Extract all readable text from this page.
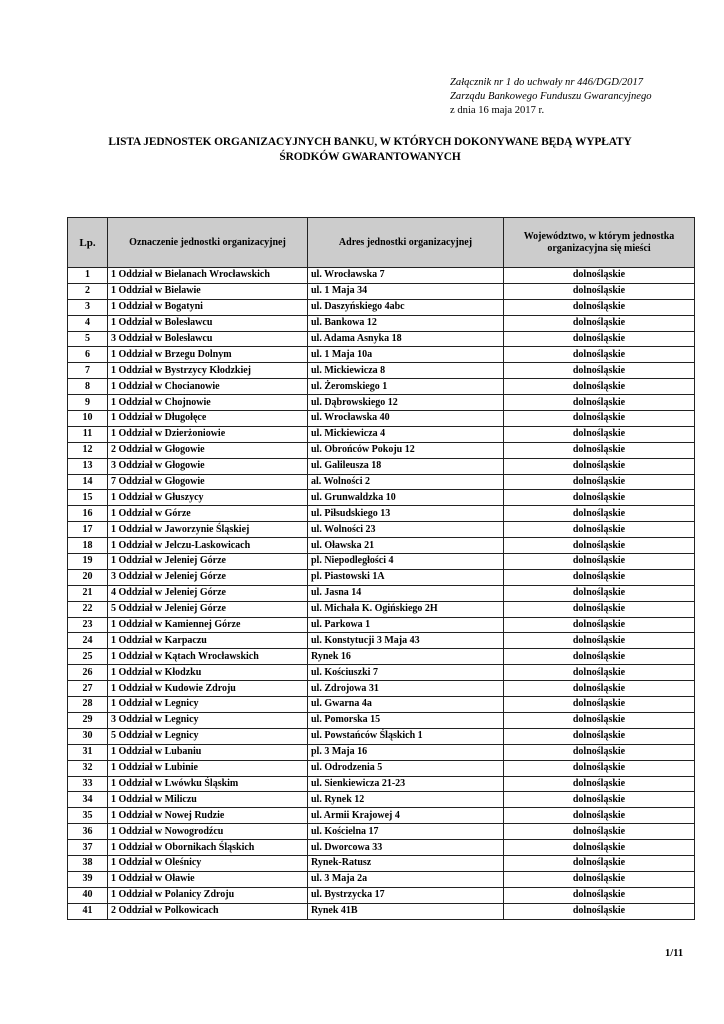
Załącznik nr 1 do uchwały nr 446/DGD/2017
Zarządu Bankowego Funduszu Gwarancyjnego
z dnia 16 maja 2017 r.
LISTA JEDNOSTEK ORGANIZACYJNYCH BANKU, W KTÓRYCH DOKONYWANE BĘDĄ WYPŁATY
ŚRODKÓW GWARANTOWANYCH
Lp.	Oznaczenie jednostki organizacyjnej	Adres jednostki organizacyjnej	Województwo, w którym jednostka organizacyjna się mieści
1	1 Oddział w Bielanach Wrocławskich	ul. Wrocławska 7	dolnośląskie
2	1 Oddział w Bielawie	ul. 1 Maja 34	dolnośląskie
3	1 Oddział w Bogatyni	ul. Daszyńskiego 4abc	dolnośląskie
4	1 Oddział w Bolesławcu	ul. Bankowa 12	dolnośląskie
5	3 Oddział w Bolesławcu	ul. Adama Asnyka 18	dolnośląskie
6	1 Oddział w Brzegu Dolnym	ul. 1 Maja 10a	dolnośląskie
7	1 Oddział w Bystrzycy Kłodzkiej	ul. Mickiewicza 8	dolnośląskie
8	1 Oddział w Chocianowie	ul. Żeromskiego 1	dolnośląskie
9	1 Oddział w Chojnowie	ul. Dąbrowskiego 12	dolnośląskie
10	1 Oddział w Długołęce	ul. Wrocławska 40	dolnośląskie
11	1 Oddział w Dzierżoniowie	ul. Mickiewicza 4	dolnośląskie
12	2 Oddział w Głogowie	ul. Obrońców Pokoju 12	dolnośląskie
13	3 Oddział w Głogowie	ul. Galileusza 18	dolnośląskie
14	7 Oddział w Głogowie	al. Wolności 2	dolnośląskie
15	1 Oddział w Głuszycy	ul. Grunwaldzka 10	dolnośląskie
16	1 Oddział w Górze	ul. Piłsudskiego 13	dolnośląskie
17	1 Oddział w Jaworzynie Śląskiej	ul. Wolności 23	dolnośląskie
18	1 Oddział w Jelczu-Laskowicach	ul. Oławska 21	dolnośląskie
19	1 Oddział w Jeleniej Górze	pl. Niepodległości 4	dolnośląskie
20	3 Oddział w Jeleniej Górze	pl. Piastowski 1A	dolnośląskie
21	4 Oddział w Jeleniej Górze	ul. Jasna 14	dolnośląskie
22	5 Oddział w Jeleniej Górze	ul. Michała K. Ogińskiego 2H	dolnośląskie
23	1 Oddział w Kamiennej Górze	ul. Parkowa 1	dolnośląskie
24	1 Oddział w Karpaczu	ul. Konstytucji 3 Maja 43	dolnośląskie
25	1 Oddział w Kątach Wrocławskich	Rynek 16	dolnośląskie
26	1 Oddział w Kłodzku	ul. Kościuszki 7	dolnośląskie
27	1 Oddział w Kudowie Zdroju	ul. Zdrojowa 31	dolnośląskie
28	1 Oddział w Legnicy	ul. Gwarna 4a	dolnośląskie
29	3 Oddział w Legnicy	ul. Pomorska 15	dolnośląskie
30	5 Oddział w Legnicy	ul. Powstańców Śląskich 1	dolnośląskie
31	1 Oddział w Lubaniu	pl. 3 Maja 16	dolnośląskie
32	1 Oddział w Lubinie	ul. Odrodzenia 5	dolnośląskie
33	1 Oddział w Lwówku Śląskim	ul. Sienkiewicza 21-23	dolnośląskie
34	1 Oddział w Miliczu	ul. Rynek 12	dolnośląskie
35	1 Oddział w Nowej Rudzie	ul. Armii Krajowej 4	dolnośląskie
36	1 Oddział w Nowogrodźcu	ul. Kościelna 17	dolnośląskie
37	1 Oddział w Obornikach Śląskich	ul. Dworcowa 33	dolnośląskie
38	1 Oddział w Oleśnicy	Rynek-Ratusz	dolnośląskie
39	1 Oddział w Oławie	ul. 3 Maja 2a	dolnośląskie
40	1 Oddział w Polanicy Zdroju	ul. Bystrzycka 17	dolnośląskie
41	2 Oddział w Polkowicach	Rynek 41B	dolnośląskie
1/11
